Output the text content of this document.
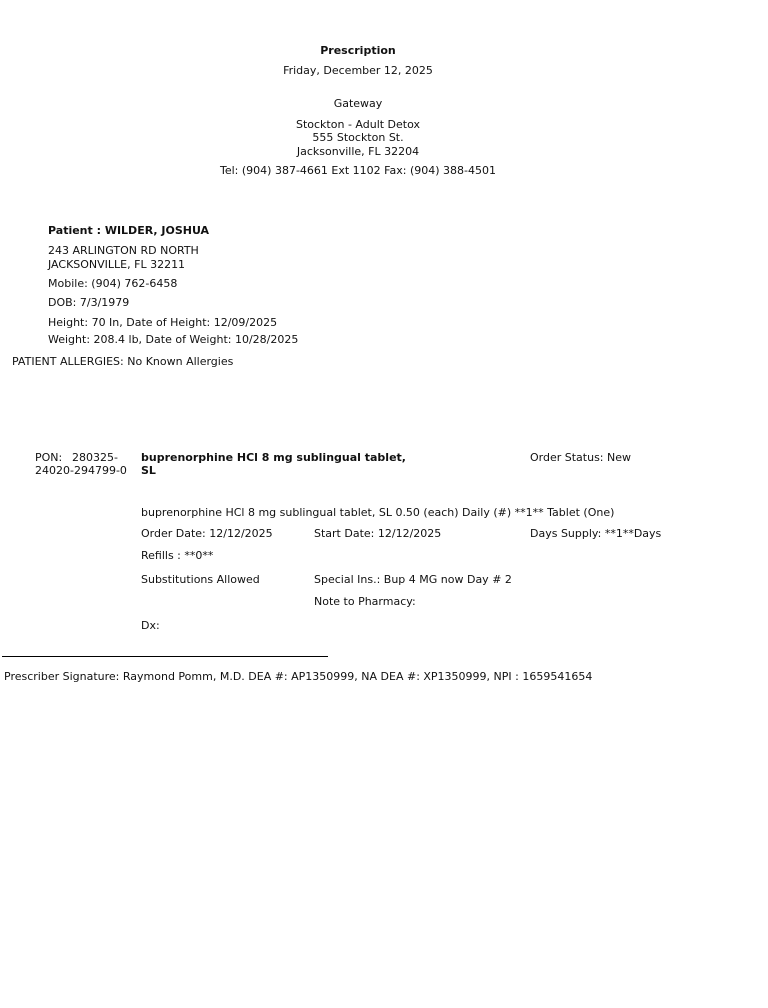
Prescription
Friday, December 12, 2025
Gateway
Stockton - Adult Detox
555 Stockton St.
Jacksonville, FL 32204
Tel: (904) 387-4661 Ext 1102 Fax: (904) 388-4501
Patient : WILDER, JOSHUA
243 ARLINGTON RD NORTH
JACKSONVILLE, FL 32211
Mobile: (904) 762-6458
DOB: 7/3/1979
Height: 70 In, Date of Height: 12/09/2025
Weight: 208.4 lb, Date of Weight: 10/28/2025
PATIENT ALLERGIES: No Known Allergies
PON: 280325-24020-294799-0
buprenorphine HCl 8 mg sublingual tablet, SL
Order Status: New
buprenorphine HCl 8 mg sublingual tablet, SL 0.50 (each) Daily (#) **1** Tablet (One)
Order Date: 12/12/2025	Start Date: 12/12/2025	Days Supply: **1**Days
Refills : **0**
Substitutions Allowed	Special Ins.: Bup 4 MG now Day # 2
Note to Pharmacy:
Dx:
Prescriber Signature: Raymond Pomm, M.D. DEA #: AP1350999, NA DEA #: XP1350999, NPI : 1659541654
